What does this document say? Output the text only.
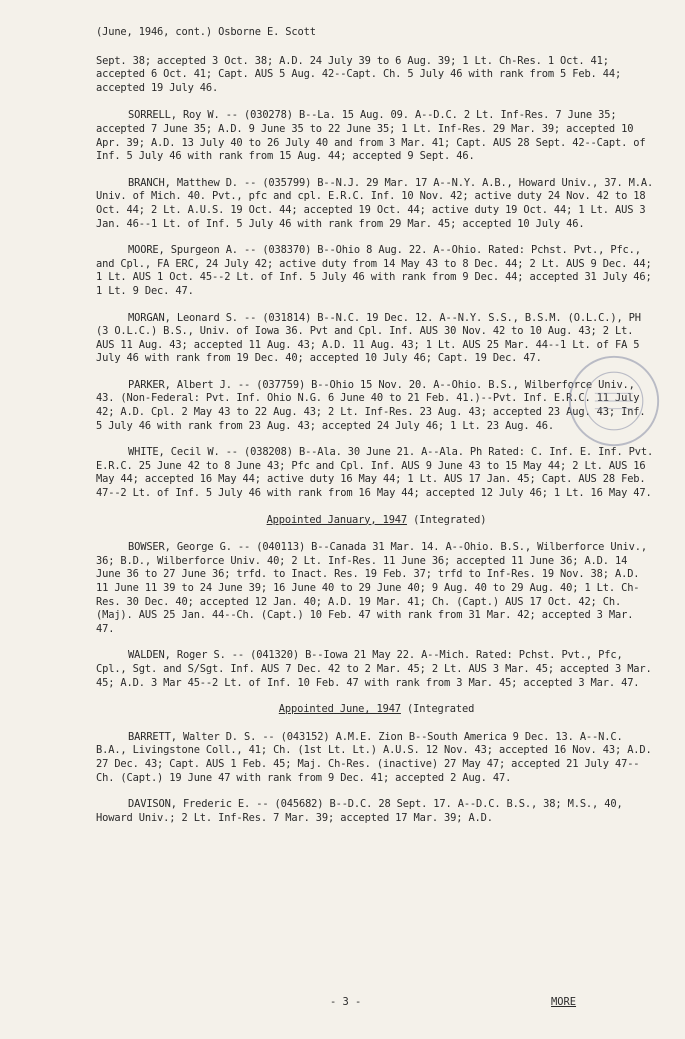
(June, 1946, cont.) Osborne E. Scott

Sept. 38; accepted 3 Oct. 38; A.D. 24 July 39 to 6 Aug. 39; 1 Lt. Ch-Res. 1 Oct. 41; accepted 6 Oct. 41; Capt. AUS 5 Aug. 42--Capt. Ch. 5 July 46 with rank from 5 Feb. 44; accepted 19 July 46.

SORRELL, Roy W. -- (030278) B--La. 15 Aug. 09. A--D.C. 2 Lt. Inf-Res. 7 June 35; accepted 7 June 35; A.D. 9 June 35 to 22 June 35; 1 Lt. Inf-Res. 29 Mar. 39; accepted 10 Apr. 39; A.D. 13 July 40 to 26 July 40 and from 3 Mar. 41; Capt. AUS 28 Sept. 42--Capt. of Inf. 5 July 46 with rank from 15 Aug. 44; accepted 9 Sept. 46.

BRANCH, Matthew D. -- (035799) B--N.J. 29 Mar. 17 A--N.Y. A.B., Howard Univ., 37. M.A. Univ. of Mich. 40. Pvt., pfc and cpl. E.R.C. Inf. 10 Nov. 42; active duty 24 Nov. 42 to 18 Oct. 44; 2 Lt. A.U.S. 19 Oct. 44; accepted 19 Oct. 44; active duty 19 Oct. 44; 1 Lt. AUS 3 Jan. 46--1 Lt. of Inf. 5 July 46 with rank from 29 Mar. 45; accepted 10 July 46.

MOORE, Spurgeon A. -- (038370) B--Ohio 8 Aug. 22. A--Ohio. Rated: Pchst. Pvt., Pfc., and Cpl., FA ERC, 24 July 42; active duty from 14 May 43 to 8 Dec. 44; 2 Lt. AUS 9 Dec. 44; 1 Lt. AUS 1 Oct. 45--2 Lt. of Inf. 5 July 46 with rank from 9 Dec. 44; accepted 31 July 46; 1 Lt. 9 Dec. 47.

MORGAN, Leonard S. -- (031814) B--N.C. 19 Dec. 12. A--N.Y. S.S., B.S.M. (O.L.C.), PH (3 O.L.C.) B.S., Univ. of Iowa 36. Pvt and Cpl. Inf. AUS 30 Nov. 42 to 10 Aug. 43; 2 Lt. AUS 11 Aug. 43; accepted 11 Aug. 43; A.D. 11 Aug. 43; 1 Lt. AUS 25 Mar. 44--1 Lt. of FA 5 July 46 with rank from 19 Dec. 40; accepted 10 July 46; Capt. 19 Dec. 47.

PARKER, Albert J. -- (037759) B--Ohio 15 Nov. 20. A--Ohio. B.S., Wilberforce Univ., 43. (Non-Federal: Pvt. Inf. Ohio N.G. 6 June 40 to 21 Feb. 41.)--Pvt. Inf. E.R.C. 11 July 42; A.D. Cpl. 2 May 43 to 22 Aug. 43; 2 Lt. Inf-Res. 23 Aug. 43; accepted 23 Aug. 43; Inf. 5 July 46 with rank from 23 Aug. 43; accepted 24 July 46; 1 Lt. 23 Aug. 46.

WHITE, Cecil W. -- (038208) B--Ala. 30 June 21. A--Ala. Ph Rated: C. Inf. E. Inf. Pvt. E.R.C. 25 June 42 to 8 June 43; Pfc and Cpl. Inf. AUS 9 June 43 to 15 May 44; 2 Lt. AUS 16 May 44; accepted 16 May 44; active duty 16 May 44; 1 Lt. AUS 17 Jan. 45; Capt. AUS 28 Feb. 47--2 Lt. of Inf. 5 July 46 with rank from 16 May 44; accepted 12 July 46; 1 Lt. 16 May 47.

Appointed January, 1947 (Integrated)

BOWSER, George G. -- (040113) B--Canada 31 Mar. 14. A--Ohio. B.S., Wilberforce Univ., 36; B.D., Wilberforce Univ. 40; 2 Lt. Inf-Res. 11 June 36; accepted 11 June 36; A.D. 14 June 36 to 27 June 36; trfd. to Inact. Res. 19 Feb. 37; trfd to Inf-Res. 19 Nov. 38; A.D. 11 June 11 39 to 24 June 39; 16 June 40 to 29 June 40; 9 Aug. 40 to 29 Aug. 40; 1 Lt. Ch-Res. 30 Dec. 40; accepted 12 Jan. 40; A.D. 19 Mar. 41; Ch. (Capt.) AUS 17 Oct. 42; Ch. (Maj). AUS 25 Jan. 44--Ch. (Capt.) 10 Feb. 47 with rank from 31 Mar. 42; accepted 3 Mar. 47.

WALDEN, Roger S. -- (041320) B--Iowa 21 May 22. A--Mich. Rated: Pchst. Pvt., Pfc, Cpl., Sgt. and S/Sgt. Inf. AUS 7 Dec. 42 to 2 Mar. 45; 2 Lt. AUS 3 Mar. 45; accepted 3 Mar. 45; A.D. 3 Mar 45--2 Lt. of Inf. 10 Feb. 47 with rank from 3 Mar. 45; accepted 3 Mar. 47.

Appointed June, 1947 (Integrated

BARRETT, Walter D. S. -- (043152) A.M.E. Zion B--South America 9 Dec. 13. A--N.C. B.A., Livingstone Coll., 41; Ch. (1st Lt. Lt.) A.U.S. 12 Nov. 43; accepted 16 Nov. 43; A.D. 27 Dec. 43; Capt. AUS 1 Feb. 45; Maj. Ch-Res. (inactive) 27 May 47; accepted 21 July 47--Ch. (Capt.) 19 June 47 with rank from 9 Dec. 41; accepted 2 Aug. 47.

DAVISON, Frederic E. -- (045682) B--D.C. 28 Sept. 17. A--D.C. B.S., 38; M.S., 40, Howard Univ.; 2 Lt. Inf-Res. 7 Mar. 39; accepted 17 Mar. 39; A.D.

- 3 -	MORE
